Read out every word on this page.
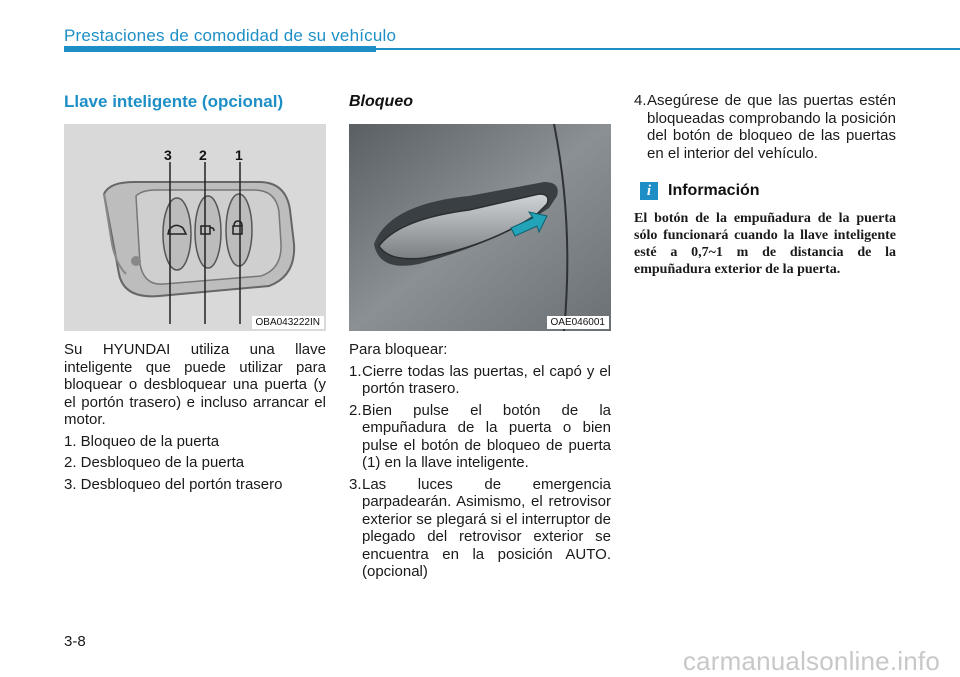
Prestaciones de comodidad de su vehículo
Llave inteligente (opcional)
3 2 1
OBA043222IN

Su HYUNDAI utiliza una llave inteligente que puede utilizar para bloquear o desbloquear una puerta (y el portón trasero) e incluso arrancar el motor.

1. Bloqueo de la puerta
2. Desbloqueo de la puerta
3. Desbloqueo del portón trasero
Bloqueo
OAE046001

Para bloquear:

1. Cierre todas las puertas, el capó y el portón trasero.
2. Bien pulse el botón de la empuñadura de la puerta o bien pulse el botón de bloqueo de puerta (1) en la llave inteligente.
3. Las luces de emergencia parpadearán. Asimismo, el retrovisor exterior se plegará si el interruptor de plegado del retrovisor exterior se encuentra en la posición AUTO. (opcional)
4. Asegúrese de que las puertas estén bloqueadas comprobando la posición del botón de bloqueo de las puertas en el interior del vehículo.
i	Información

El botón de la empuñadura de la puerta sólo funcionará cuando la llave inteligente esté a 0,7~1 m de distancia de la empuñadura exterior de la puerta.

3-8
carmanualsonline.info
